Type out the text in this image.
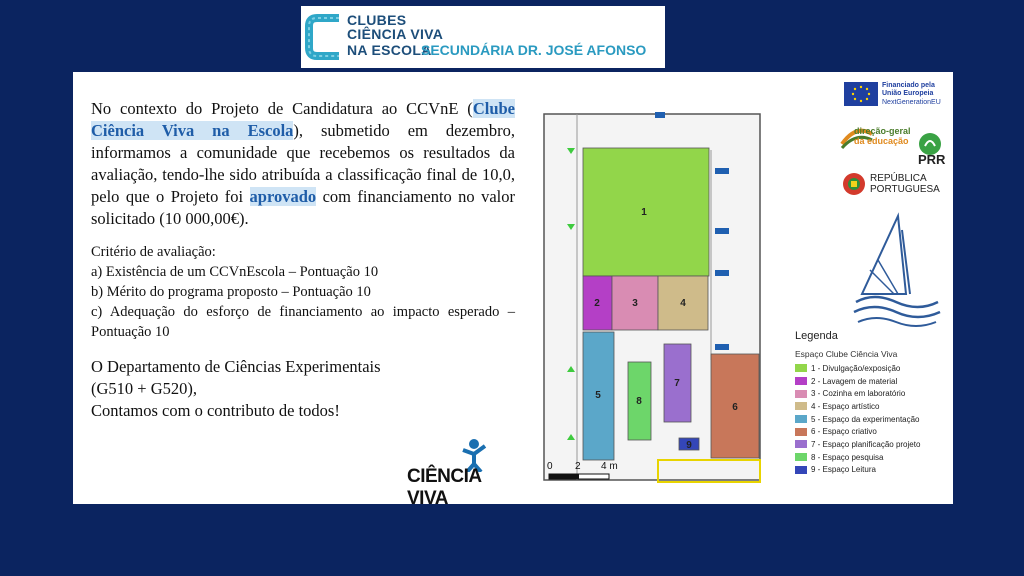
CLUBES
CIÊNCIA VIVA
NA ESCOLA
SECUNDÁRIA DR. JOSÉ AFONSO

No contexto do Projeto de Candidatura ao CCVnE (Clube Ciência Viva na Escola), submetido em dezembro, informamos a comunidade que recebemos os resultados da avaliação, tendo-lhe sido atribuída a classificação final de 10,0, pelo que o Projeto foi aprovado com financiamento no valor solicitado (10 000,00€).

Critério de avaliação:

a) Existência de um CCVnEscola – Pontuação 10

b) Mérito do programa proposto – Pontuação 10

c) Adequação do esforço de financiamento ao impacto esperado – Pontuação 10

O Departamento de Ciências Experimentais

(G510 + G520),

Contamos com o contributo de todos!

CIÊNCIA VIVA
1
2	3	4
5
6
7
8
9
0 2 4 m
Financiado pela
União Europeia
NextGenerationEU
direção-geral
da educação
PRR
REPÚBLICA
PORTUGUESA
Legenda
Espaço Clube Ciência Viva
1 - Divulgação/exposição
2 - Lavagem de material
3 - Cozinha em laboratório
4 - Espaço artístico
5 - Espaço da experimentação
6 - Espaço criativo
7 - Espaço planificação projeto
8 - Espaço pesquisa
9 - Espaço Leitura
